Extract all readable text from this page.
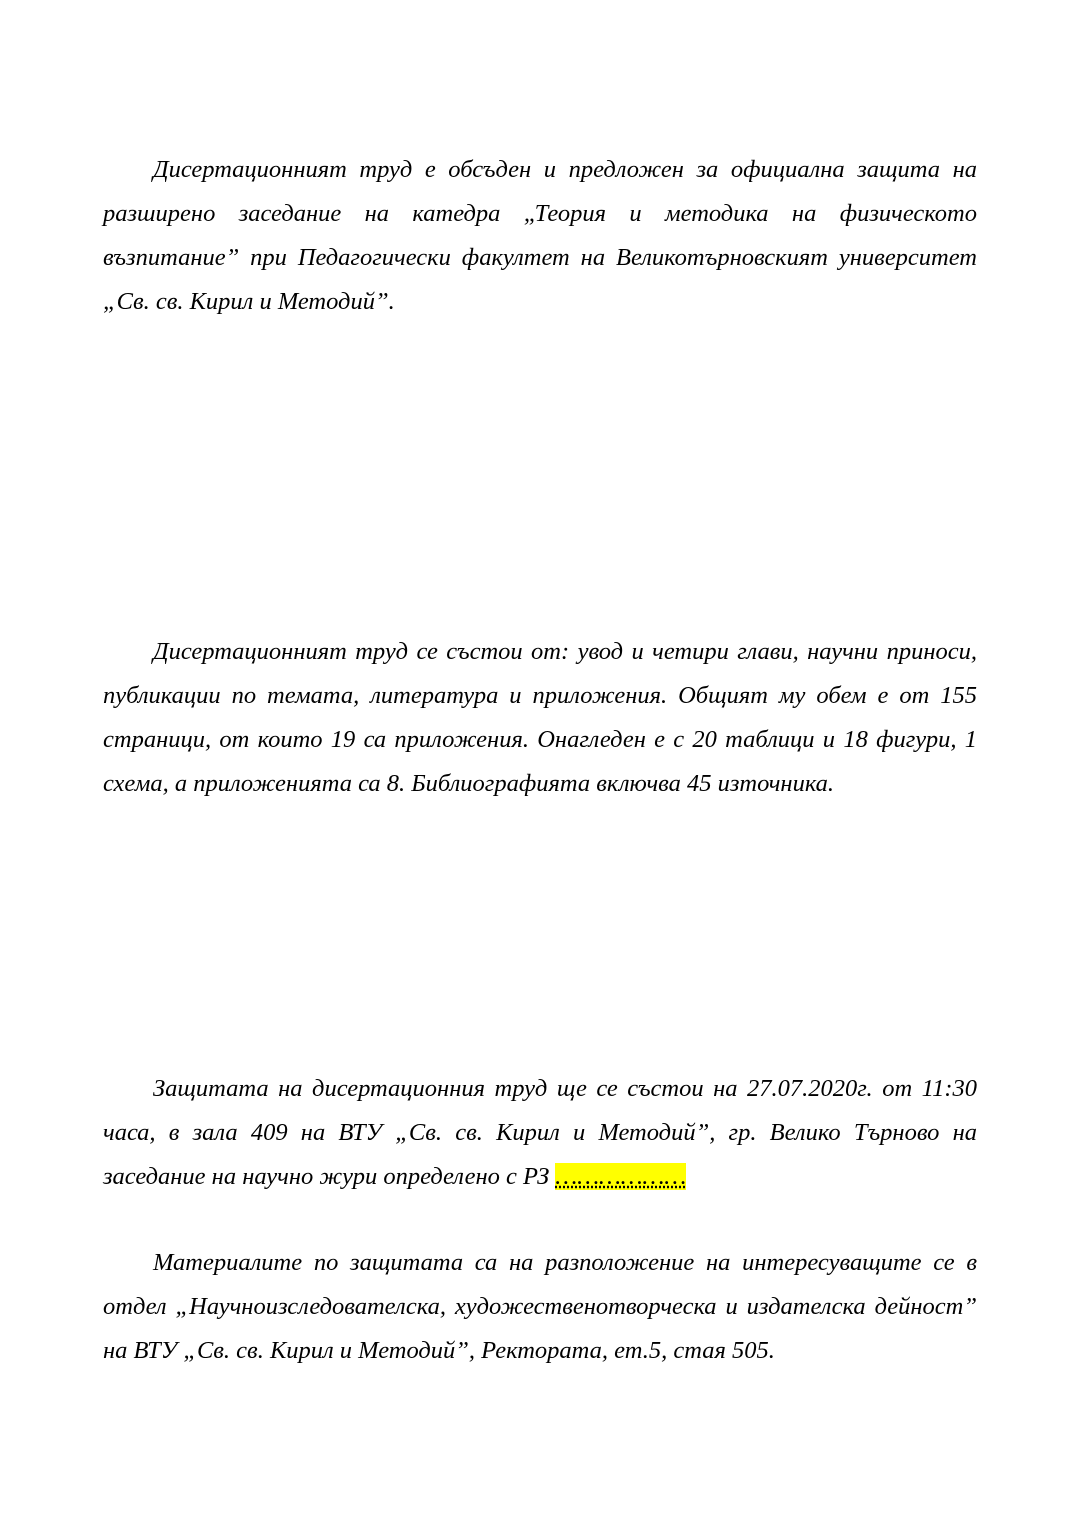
Дисертационният труд е обсъден и предложен за официална защита на разширено заседание на катедра „Теория и методика на физическото възпитание” при Педагогически факултет на Великотърновският университет „Св. св. Кирил и Методий”.

Дисертационният труд се състои от: увод и четири глави, научни приноси, публикации по темата, литература и приложения. Общият му обем е от 155 страници, от които 19 са приложения. Онагледен е с 20 таблици и 18 фигури, 1 схема, а приложенията са 8. Библиографията включва 45 източника.

Защитата на дисертационния труд ще се състои на 27.07.2020г. от 11:30 часа, в зала 409 на ВТУ „Св. св. Кирил и Методий”, гр. Велико Търново на заседание на научно жури определено с РЗ ………………

Материалите по защитата са на разположение на интересуващите се в отдел „Научноизследователска, художественотворческа и издателска дейност” на ВТУ „Св. св. Кирил и Методий”, Ректората, ет.5, стая 505.
